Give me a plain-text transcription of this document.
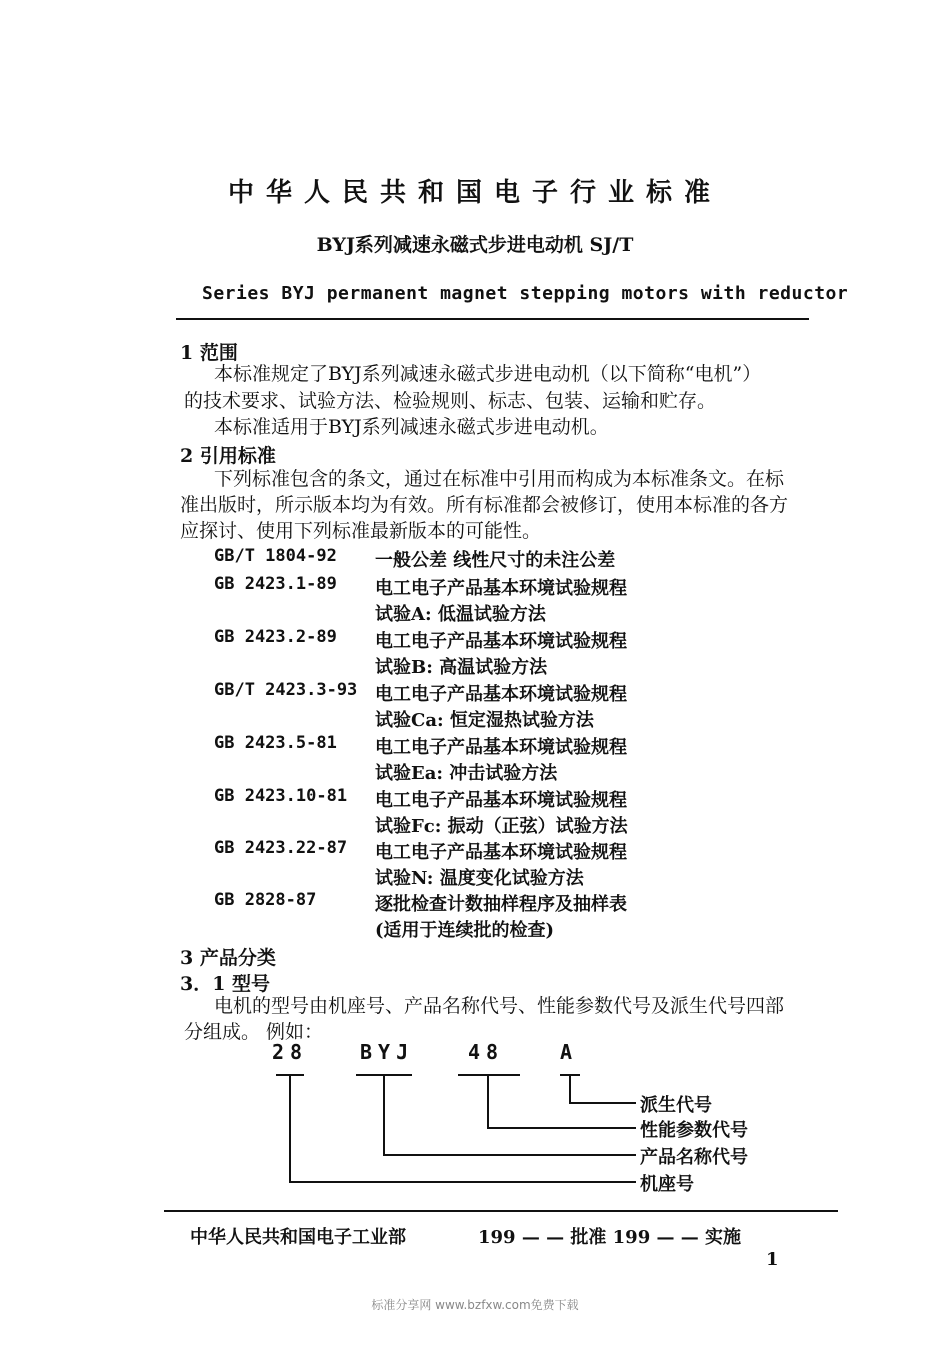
中华人民共和国电子行业标准
BYJ系列减速永磁式步进电动机 SJ/T
Series BYJ permanent magnet stepping motors with reductor
1 范围
本标准规定了BYJ系列减速永磁式步进电动机（以下简称“电机”）
的技术要求、试验方法、检验规则、标志、包装、运输和贮存。
本标准适用于BYJ系列减速永磁式步进电动机。
2 引用标准
下列标准包含的条文，通过在标准中引用而构成为本标准条文。在标
准出版时，所示版本均为有效。所有标准都会被修订，使用本标准的各方
应探讨、使用下列标准最新版本的可能性。
GB/T 1804-92 一般公差 线性尺寸的未注公差
GB 2423.1-89 电工电子产品基本环境试验规程
试验A: 低温试验方法
GB 2423.2-89 电工电子产品基本环境试验规程
试验B: 高温试验方法
GB/T 2423.3-93 电工电子产品基本环境试验规程
试验Ca: 恒定湿热试验方法
GB 2423.5-81 电工电子产品基本环境试验规程
试验Ea: 冲击试验方法
GB 2423.10-81 电工电子产品基本环境试验规程
试验Fc: 振动（正弦）试验方法
GB 2423.22-87 电工电子产品基本环境试验规程
试验N: 温度变化试验方法
GB 2828-87	逐批检查计数抽样程序及抽样表
(适用于连续批的检查)
3 产品分类
3．1 型号
电机的型号由机座号、产品名称代号、性能参数代号及派生代号四部
分组成。 例如：
28	BYJ	48	A
派生代号
性能参数代号
产品名称代号
机座号
中华人民共和国电子工业部	199 — — 批准 199 — — 实施
1
标准分享网 www.bzfxw.com免费下载
